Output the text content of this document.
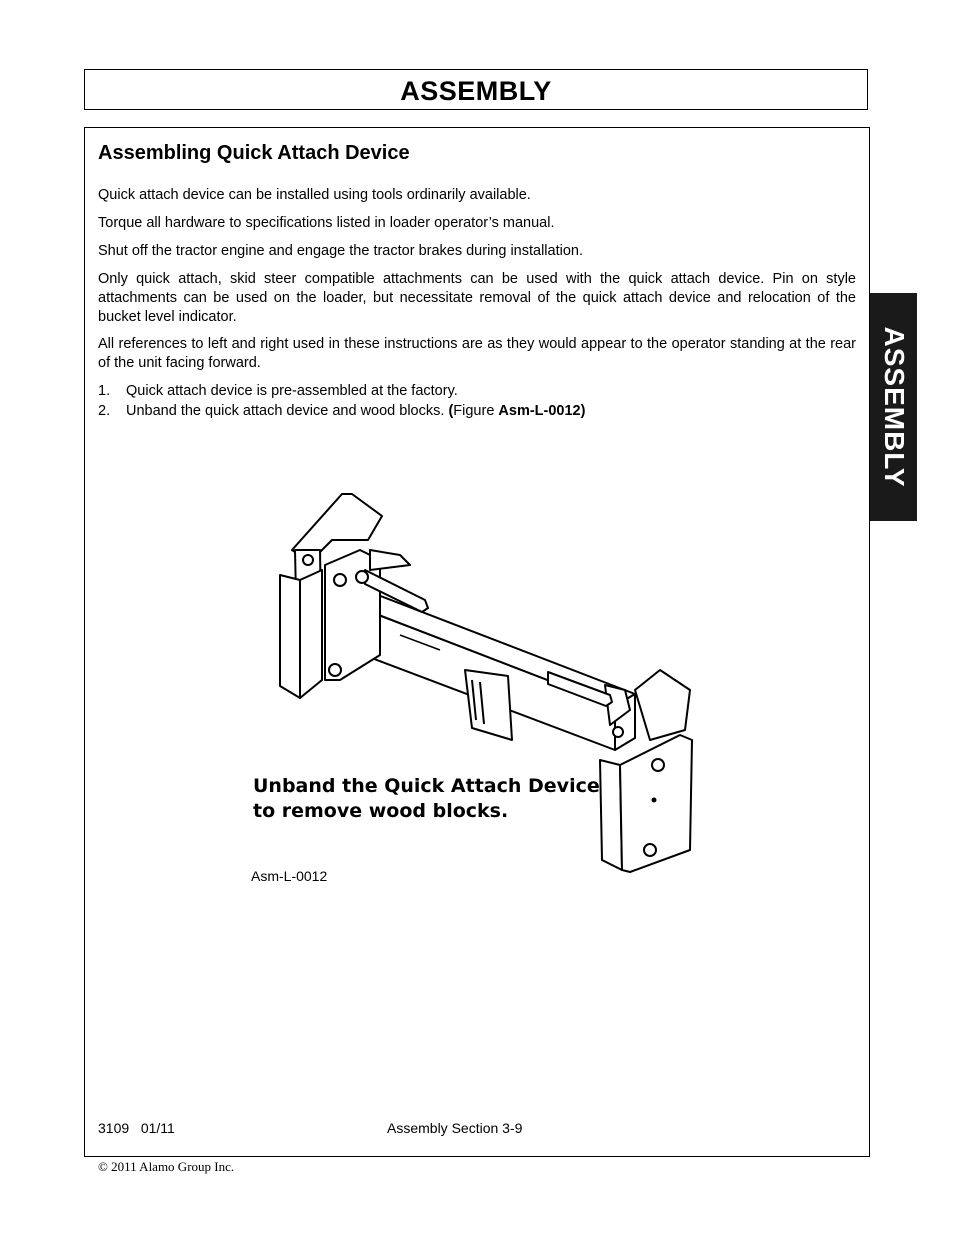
ASSEMBLY
ASSEMBLY
Assembling Quick Attach Device
Quick attach device can be installed using tools ordinarily available.
Torque all hardware to specifications listed in loader operator’s manual.
Shut off the tractor engine and engage the tractor brakes during installation.
Only quick attach, skid steer compatible attachments can be used with the quick attach device. Pin on style attachments can be used on the loader, but necessitate removal of the quick attach device and relocation of the bucket level indicator.
All references to left and right used in these instructions are as they would appear to the operator standing at the rear of the unit facing forward.
1. Quick attach device is pre-assembled at the factory.
2. Unband the quick attach device and wood blocks. (Figure Asm-L-0012)
Unband the Quick Attach Device
to remove wood blocks.
Asm-L-0012
3109   01/11	Assembly Section 3-9
© 2011 Alamo Group Inc.
